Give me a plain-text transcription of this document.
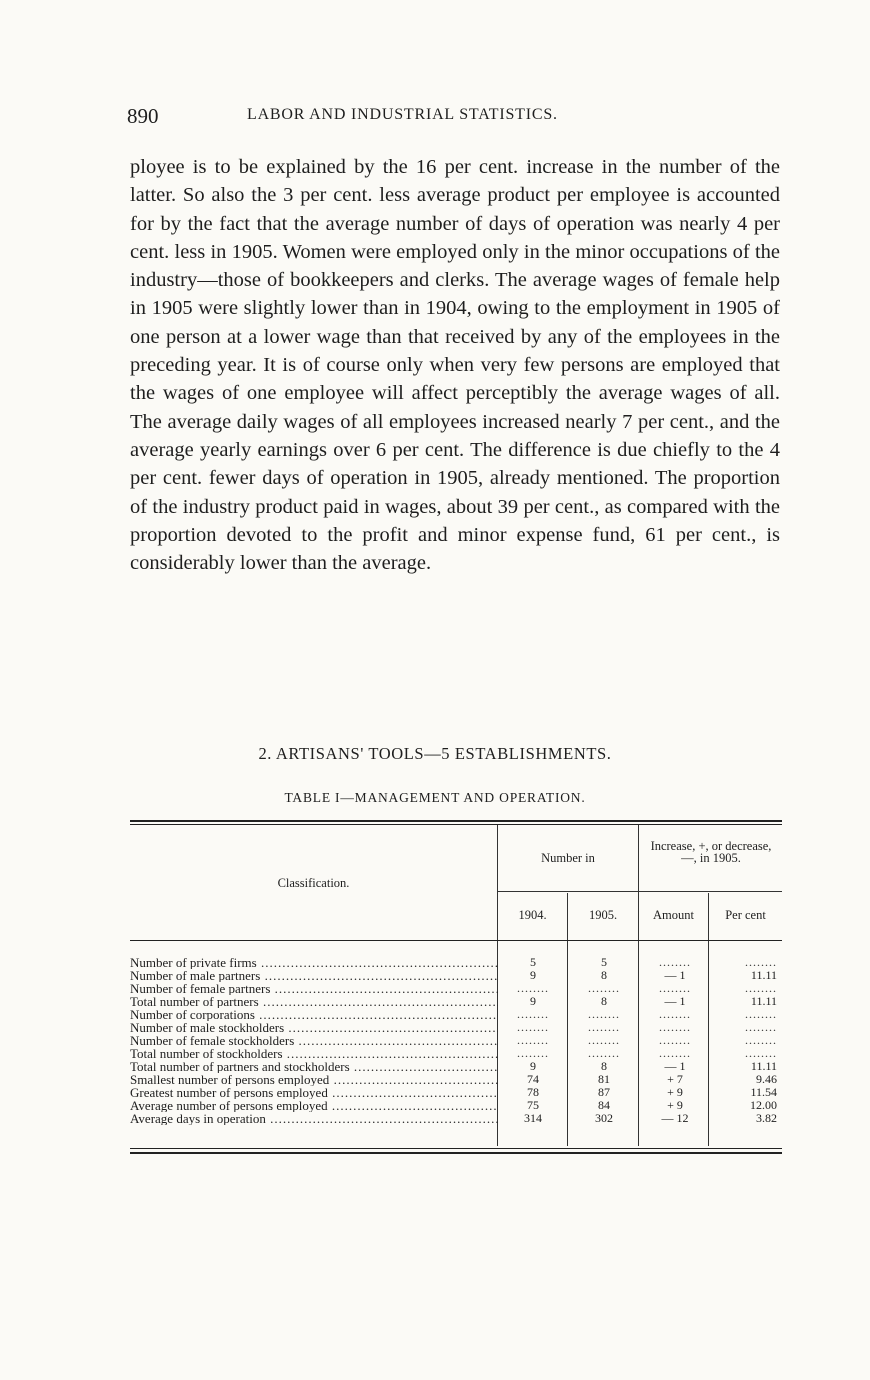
890	LABOR AND INDUSTRIAL STATISTICS.

ployee is to be explained by the 16 per cent. increase in the number of the latter. So also the 3 per cent. less average product per employee is accounted for by the fact that the average number of days of operation was nearly 4 per cent. less in 1905. Women were employed only in the minor occupations of the industry—those of bookkeepers and clerks. The average wages of female help in 1905 were slightly lower than in 1904, owing to the employment in 1905 of one person at a lower wage than that received by any of the employees in the preceding year. It is of course only when very few persons are employed that the wages of one employee will affect perceptibly the average wages of all. The average daily wages of all employees increased nearly 7 per cent., and the average yearly earnings over 6 per cent. The difference is due chiefly to the 4 per cent. fewer days of operation in 1905, already mentioned. The proportion of the industry product paid in wages, about 39 per cent., as compared with the proportion devoted to the profit and minor expense fund, 61 per cent., is considerably lower than the average.

2. ARTISANS' TOOLS—5 ESTABLISHMENTS.
TABLE I—MANAGEMENT AND OPERATION.
Classification.
Number in
Increase, +, or decrease, —, in 1905.
1904.	1905.	Amount	Per cent
Number of private firms .....	5	5	........	........
Number of male partners .....	9	8	— 1	11.11
Number of female partners .....	........	........	........	........
Total number of partners .....	9	8	— 1	11.11
Number of corporations .....	........	........	........	........
Number of male stockholders .....	........	........	........	........
Number of female stockholders .....	........	........	........	........
Total number of stockholders .....	........	........	........	........
Total number of partners and stockholders .....	9	8	— 1	11.11
Smallest number of persons employed .....	74	81	+ 7	9.46
Greatest number of persons employed .....	78	87	+ 9	11.54
Average number of persons employed .....	75	84	+ 9	12.00
Average days in operation .....	314	302	— 12	3.82
